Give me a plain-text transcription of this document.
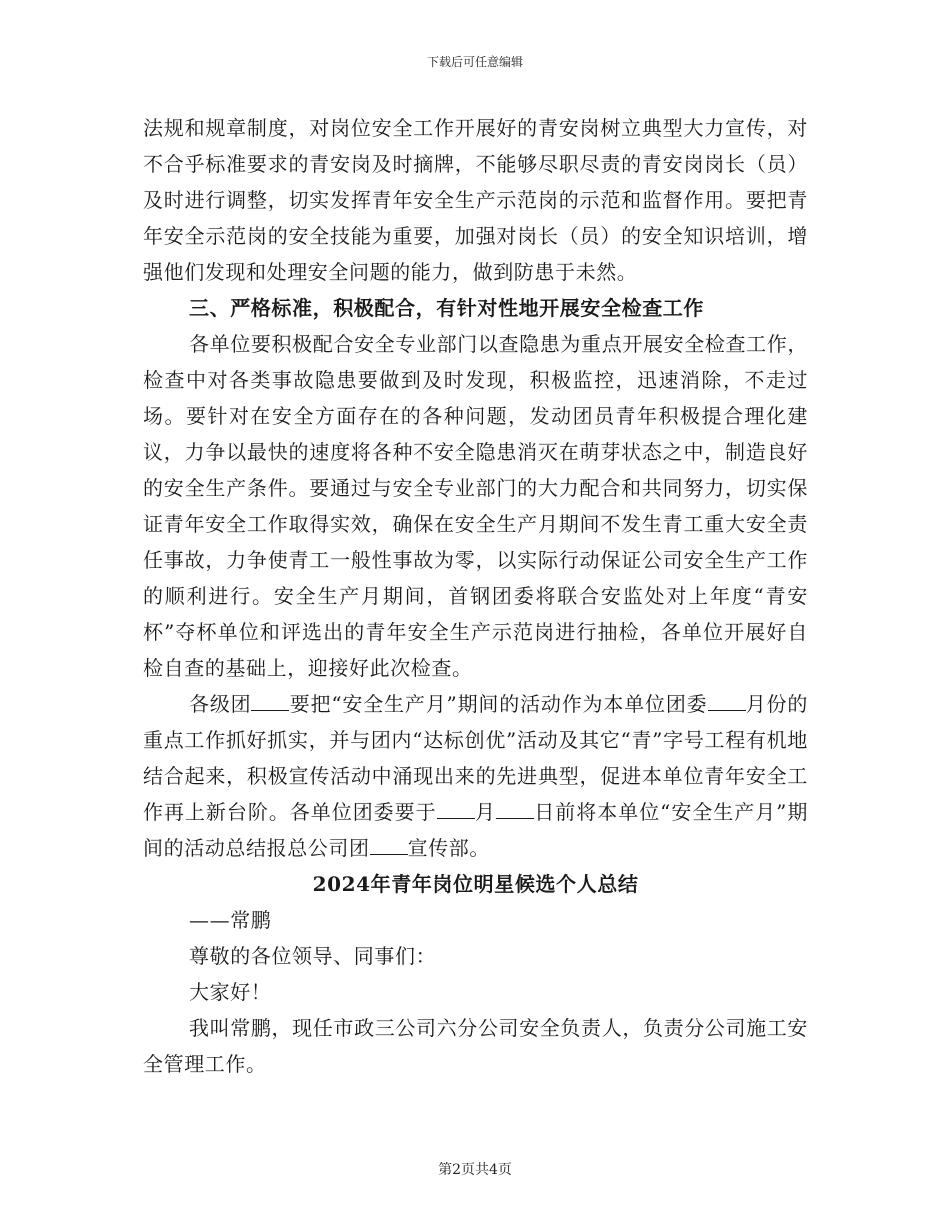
下载后可任意编辑

法规和规章制度，对岗位安全工作开展好的青安岗树立典型大力宣传，对不合乎标准要求的青安岗及时摘牌，不能够尽职尽责的青安岗岗长（员）及时进行调整，切实发挥青年安全生产示范岗的示范和监督作用。要把青年安全示范岗的安全技能为重要，加强对岗长（员）的安全知识培训，增强他们发现和处理安全问题的能力，做到防患于未然。

三、严格标准，积极配合，有针对性地开展安全检查工作

各单位要积极配合安全专业部门以查隐患为重点开展安全检查工作，检查中对各类事故隐患要做到及时发现，积极监控，迅速消除，不走过场。要针对在安全方面存在的各种问题，发动团员青年积极提合理化建议，力争以最快的速度将各种不安全隐患消灭在萌芽状态之中，制造良好的安全生产条件。要通过与安全专业部门的大力配合和共同努力，切实保证青年安全工作取得实效，确保在安全生产月期间不发生青工重大安全责任事故，力争使青工一般性事故为零，以实际行动保证公司安全生产工作的顺利进行。安全生产月期间，首钢团委将联合安监处对上年度“青安杯”夺杯单位和评选出的青年安全生产示范岗进行抽检，各单位开展好自检自查的基础上，迎接好此次检查。

各级团 要把“安全生产月”期间的活动作为本单位团委 月份的重点工作抓好抓实，并与团内“达标创优”活动及其它“青”字号工程有机地结合起来，积极宣传活动中涌现出来的先进典型，促进本单位青年安全工作再上新台阶。各单位团委要于 月 日前将本单位“安全生产月”期间的活动总结报总公司团 宣传部。

2024年青年岗位明星候选个人总结

——常鹏

尊敬的各位领导、同事们：

大家好！

我叫常鹏，现任市政三公司六分公司安全负责人，负责分公司施工安全管理工作。

第2页共4页
